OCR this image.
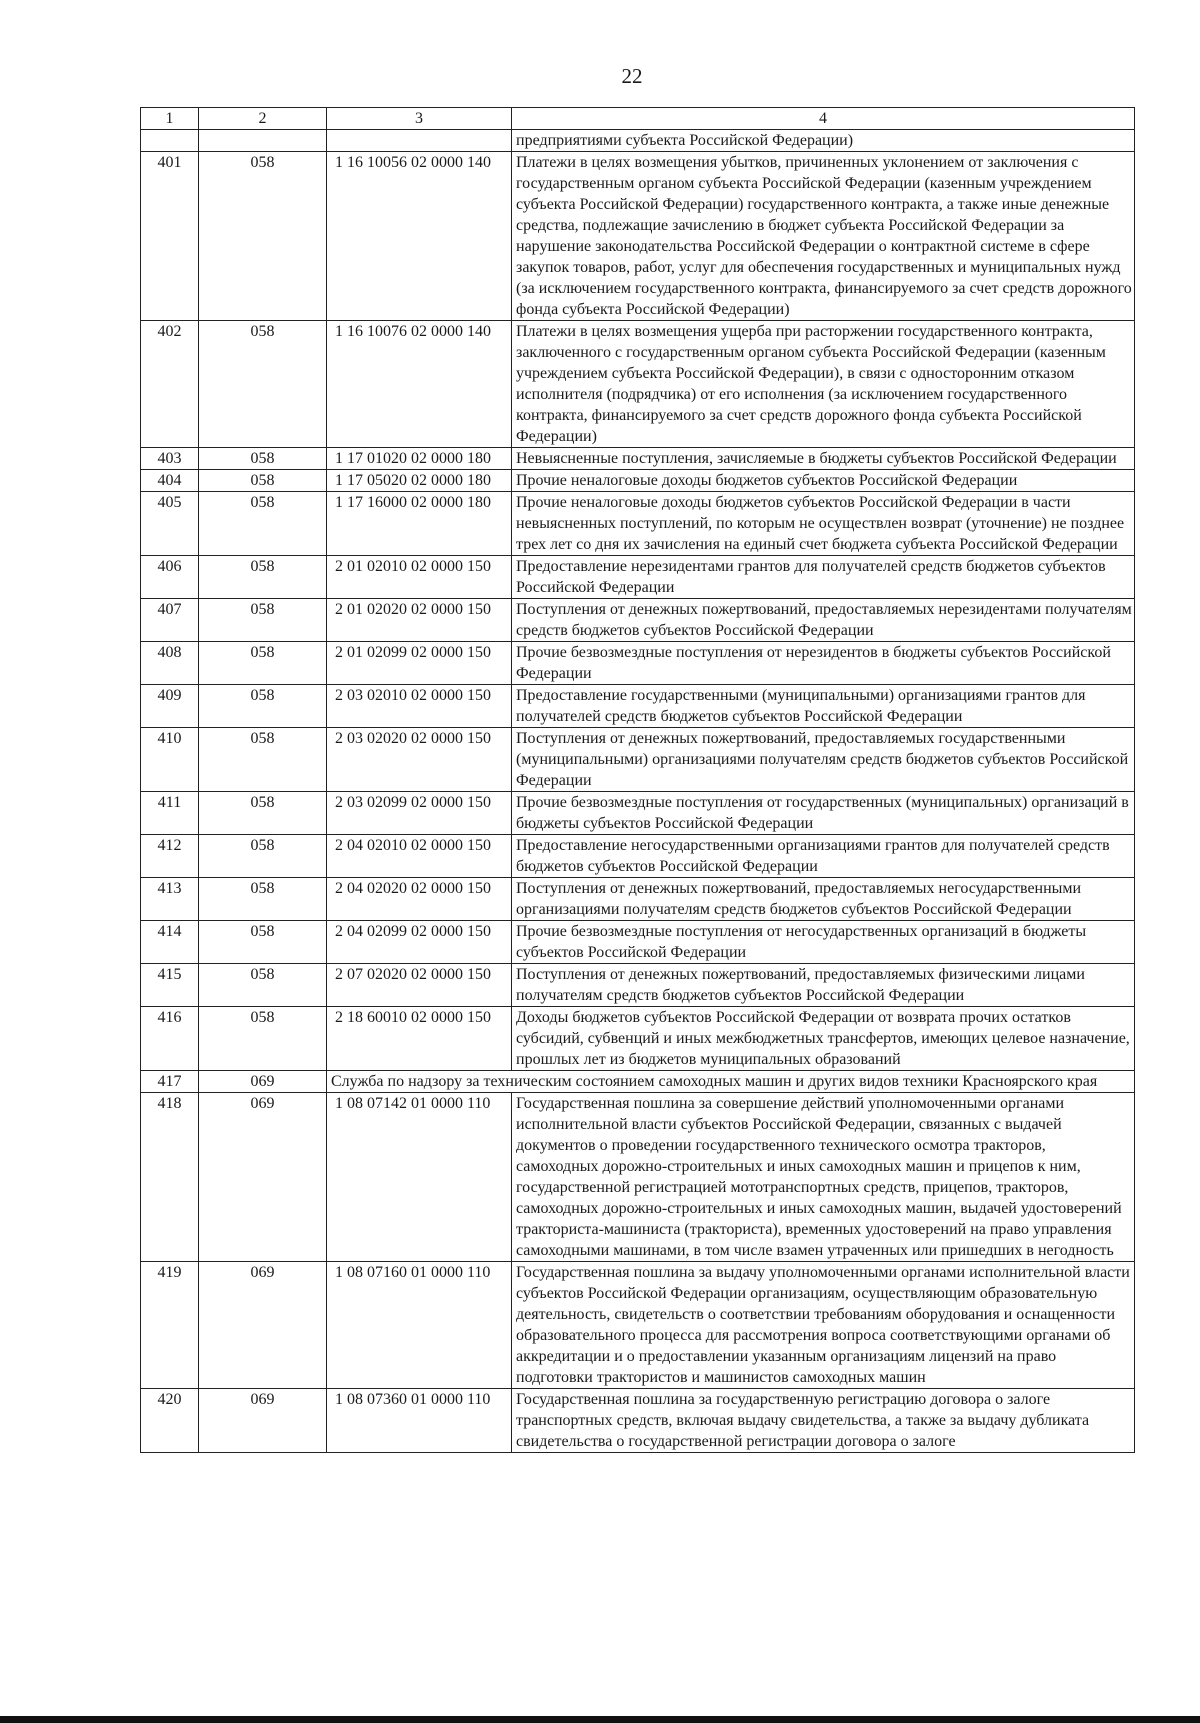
22
1	2	3	4
			предприятиями субъекта Российской Федерации)
401	058	1 16 10056 02 0000 140	Платежи в целях возмещения убытков, причиненных уклонением от заключения с государственным органом субъекта Российской Федерации (казенным учреждением субъекта Российской Федерации) государственного контракта, а также иные денежные средства, подлежащие зачислению в бюджет субъекта Российской Федерации за нарушение законодательства Российской Федерации о контрактной системе в сфере закупок товаров, работ, услуг для обеспечения государственных и муниципальных нужд (за исключением государственного контракта, финансируемого за счет средств дорожного фонда субъекта Российской Федерации)
402	058	1 16 10076 02 0000 140	Платежи в целях возмещения ущерба при расторжении государственного контракта, заключенного с государственным органом субъекта Российской Федерации (казенным учреждением субъекта Российской Федерации), в связи с односторонним отказом исполнителя (подрядчика) от его исполнения (за исключением государственного контракта, финансируемого за счет средств дорожного фонда субъекта Российской Федерации)
403	058	1 17 01020 02 0000 180	Невыясненные поступления, зачисляемые в бюджеты субъектов Российской Федерации
404	058	1 17 05020 02 0000 180	Прочие неналоговые доходы бюджетов субъектов Российской Федерации
405	058	1 17 16000 02 0000 180	Прочие неналоговые доходы бюджетов субъектов Российской Федерации в части невыясненных поступлений, по которым не осуществлен возврат (уточнение) не позднее трех лет со дня их зачисления на единый счет бюджета субъекта Российской Федерации
406	058	2 01 02010 02 0000 150	Предоставление нерезидентами грантов для получателей средств бюджетов субъектов Российской Федерации
407	058	2 01 02020 02 0000 150	Поступления от денежных пожертвований, предоставляемых нерезидентами получателям средств бюджетов субъектов Российской Федерации
408	058	2 01 02099 02 0000 150	Прочие безвозмездные поступления от нерезидентов в бюджеты субъектов Российской Федерации
409	058	2 03 02010 02 0000 150	Предоставление государственными (муниципальными) организациями грантов для получателей средств бюджетов субъектов Российской Федерации
410	058	2 03 02020 02 0000 150	Поступления от денежных пожертвований, предоставляемых государственными (муниципальными) организациями получателям средств бюджетов субъектов Российской Федерации
411	058	2 03 02099 02 0000 150	Прочие безвозмездные поступления от государственных (муниципальных) организаций в бюджеты субъектов Российской Федерации
412	058	2 04 02010 02 0000 150	Предоставление негосударственными организациями грантов для получателей средств бюджетов субъектов Российской Федерации
413	058	2 04 02020 02 0000 150	Поступления от денежных пожертвований, предоставляемых негосударственными организациями получателям средств бюджетов субъектов Российской Федерации
414	058	2 04 02099 02 0000 150	Прочие безвозмездные поступления от негосударственных организаций в бюджеты субъектов Российской Федерации
415	058	2 07 02020 02 0000 150	Поступления от денежных пожертвований, предоставляемых физическими лицами получателям средств бюджетов субъектов Российской Федерации
416	058	2 18 60010 02 0000 150	Доходы бюджетов субъектов Российской Федерации от возврата прочих остатков субсидий, субвенций и иных межбюджетных трансфертов, имеющих целевое назначение, прошлых лет из бюджетов муниципальных образований
417	069	Служба по надзору за техническим состоянием самоходных машин и других видов техники Красноярского края	
418	069	1 08 07142 01 0000 110	Государственная пошлина за совершение действий уполномоченными органами исполнительной власти субъектов Российской Федерации, связанных с выдачей документов о проведении государственного технического осмотра тракторов, самоходных дорожно-строительных и иных самоходных машин и прицепов к ним, государственной регистрацией мототранспортных средств, прицепов, тракторов, самоходных дорожно-строительных и иных самоходных машин, выдачей удостоверений тракториста-машиниста (тракториста), временных удостоверений на право управления самоходными машинами, в том числе взамен утраченных или пришедших в негодность
419	069	1 08 07160 01 0000 110	Государственная пошлина за выдачу уполномоченными органами исполнительной власти субъектов Российской Федерации организациям, осуществляющим образовательную деятельность, свидетельств о соответствии требованиям оборудования и оснащенности образовательного процесса для рассмотрения вопроса соответствующими органами об аккредитации и о предоставлении указанным организациям лицензий на право подготовки трактористов и машинистов самоходных машин
420	069	1 08 07360 01 0000 110	Государственная пошлина за государственную регистрацию договора о залоге транспортных средств, включая выдачу свидетельства, а также за выдачу дубликата свидетельства о государственной регистрации договора о залоге
